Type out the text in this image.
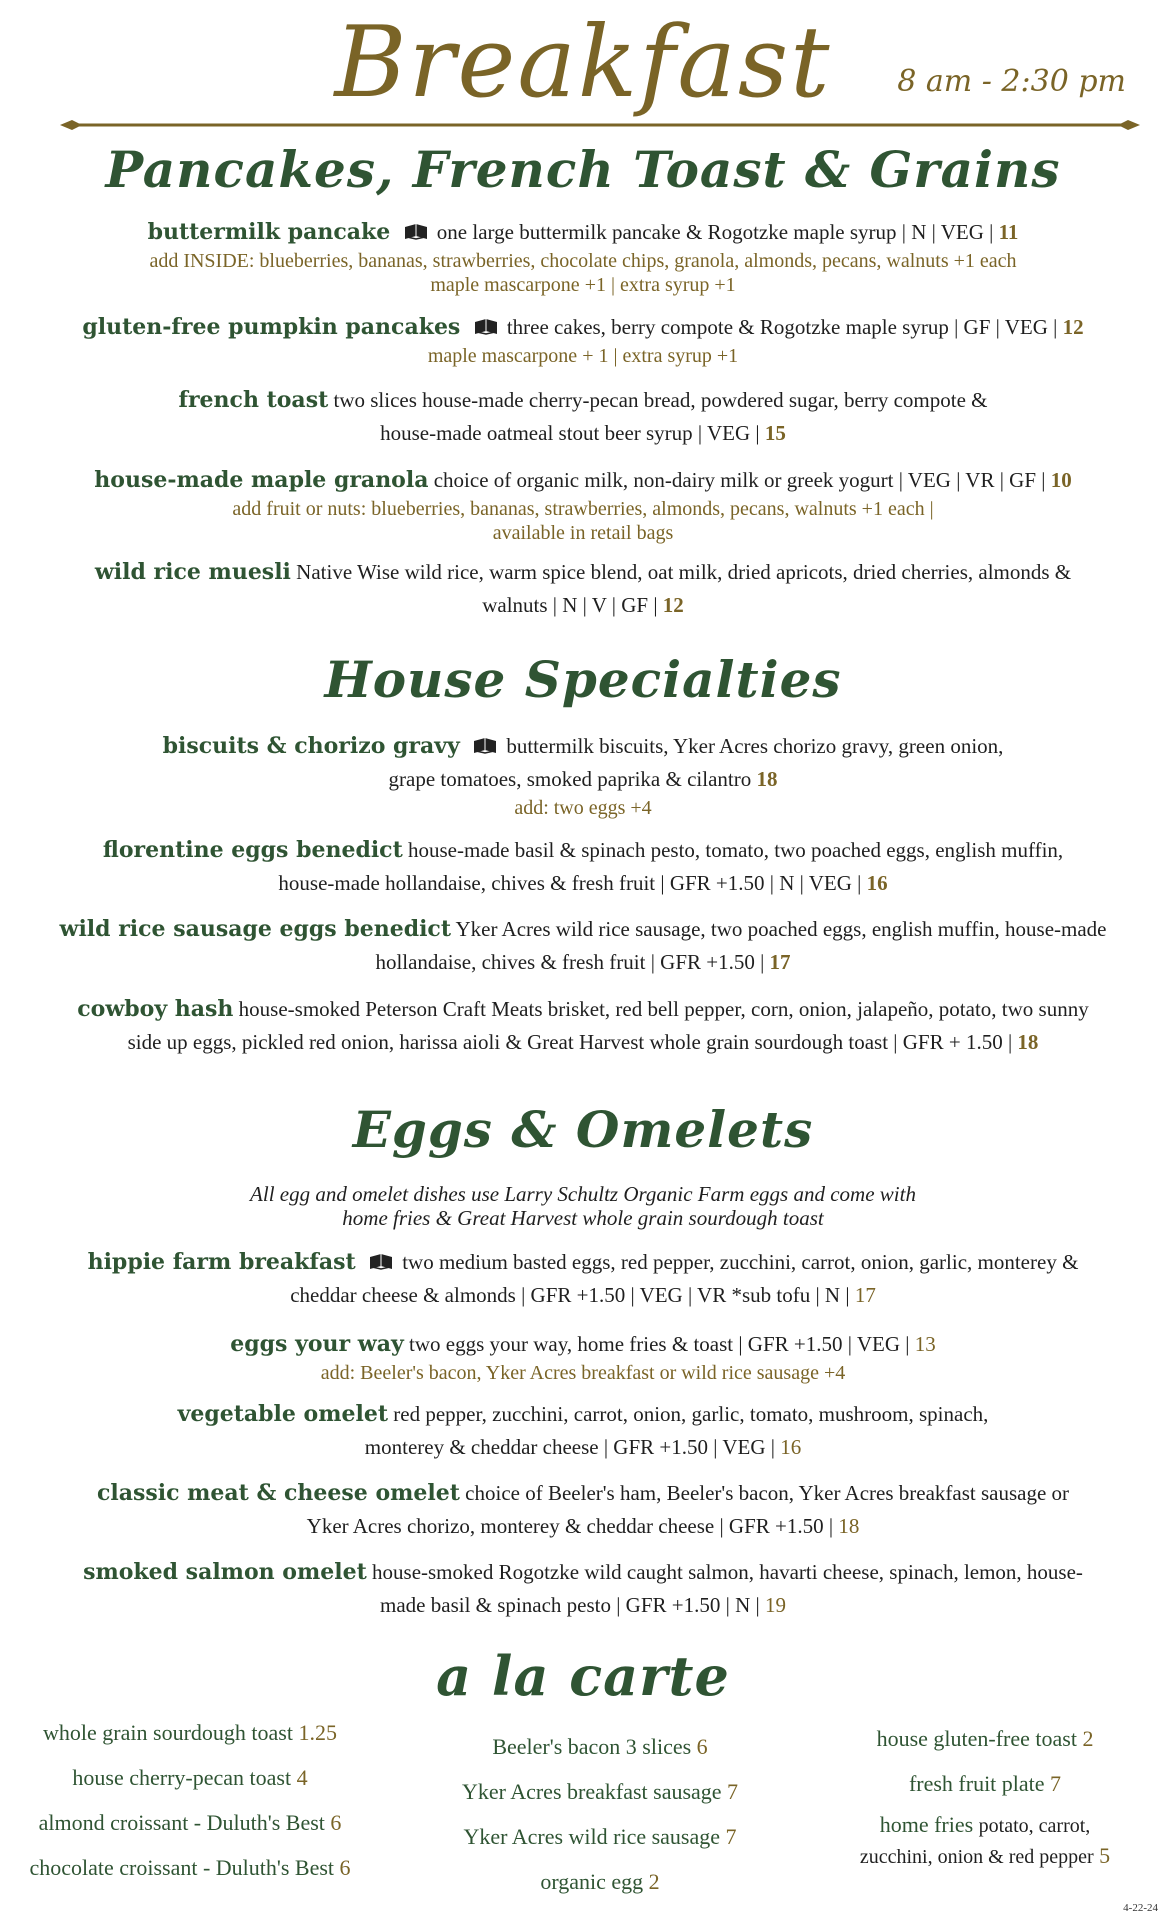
Breakfast	8 am - 2:30 pm
Pancakes, French Toast & Grains
buttermilk pancake one large buttermilk pancake & Rogotzke maple syrup | N | VEG | 11
add INSIDE: blueberries, bananas, strawberries, chocolate chips, granola, almonds, pecans, walnuts +1 each
maple mascarpone +1 | extra syrup +1
gluten-free pumpkin pancakes three cakes, berry compote & Rogotzke maple syrup | GF | VEG | 12
maple mascarpone + 1 | extra syrup +1
french toast two slices house-made cherry-pecan bread, powdered sugar, berry compote &
house-made oatmeal stout beer syrup | VEG | 15
house-made maple granola choice of organic milk, non-dairy milk or greek yogurt | VEG | VR | GF | 10
add fruit or nuts: blueberries, bananas, strawberries, almonds, pecans, walnuts +1 each |
available in retail bags
wild rice muesli Native Wise wild rice, warm spice blend, oat milk, dried apricots, dried cherries, almonds &
walnuts | N | V | GF | 12
House Specialties
biscuits & chorizo gravy buttermilk biscuits, Yker Acres chorizo gravy, green onion,
grape tomatoes, smoked paprika & cilantro 18
add: two eggs +4
florentine eggs benedict house-made basil & spinach pesto, tomato, two poached eggs, english muffin,
house-made hollandaise, chives & fresh fruit | GFR +1.50 | N | VEG | 16
wild rice sausage eggs benedict Yker Acres wild rice sausage, two poached eggs, english muffin, house-made
hollandaise, chives & fresh fruit | GFR +1.50 | 17
cowboy hash house-smoked Peterson Craft Meats brisket, red bell pepper, corn, onion, jalapeño, potato, two sunny
side up eggs, pickled red onion, harissa aioli & Great Harvest whole grain sourdough toast | GFR + 1.50 | 18
Eggs & Omelets
All egg and omelet dishes use Larry Schultz Organic Farm eggs and come with
home fries & Great Harvest whole grain sourdough toast
hippie farm breakfast two medium basted eggs, red pepper, zucchini, carrot, onion, garlic, monterey &
cheddar cheese & almonds | GFR +1.50 | VEG | VR *sub tofu | N | 17
eggs your way two eggs your way, home fries & toast | GFR +1.50 | VEG | 13
add: Beeler's bacon, Yker Acres breakfast or wild rice sausage +4
vegetable omelet red pepper, zucchini, carrot, onion, garlic, tomato, mushroom, spinach,
monterey & cheddar cheese | GFR +1.50 | VEG | 16
classic meat & cheese omelet choice of Beeler's ham, Beeler's bacon, Yker Acres breakfast sausage or
Yker Acres chorizo, monterey & cheddar cheese | GFR +1.50 | 18
smoked salmon omelet house-smoked Rogotzke wild caught salmon, havarti cheese, spinach, lemon, house-
made basil & spinach pesto | GFR +1.50 | N | 19
a la carte
whole grain sourdough toast 1.25
house cherry-pecan toast 4
almond croissant - Duluth's Best 6
chocolate croissant - Duluth's Best 6
Beeler's bacon 3 slices 6
Yker Acres breakfast sausage 7
Yker Acres wild rice sausage 7
organic egg 2
house gluten-free toast 2
fresh fruit plate 7
home fries potato, carrot,
zucchini, onion & red pepper 5
4-22-24
